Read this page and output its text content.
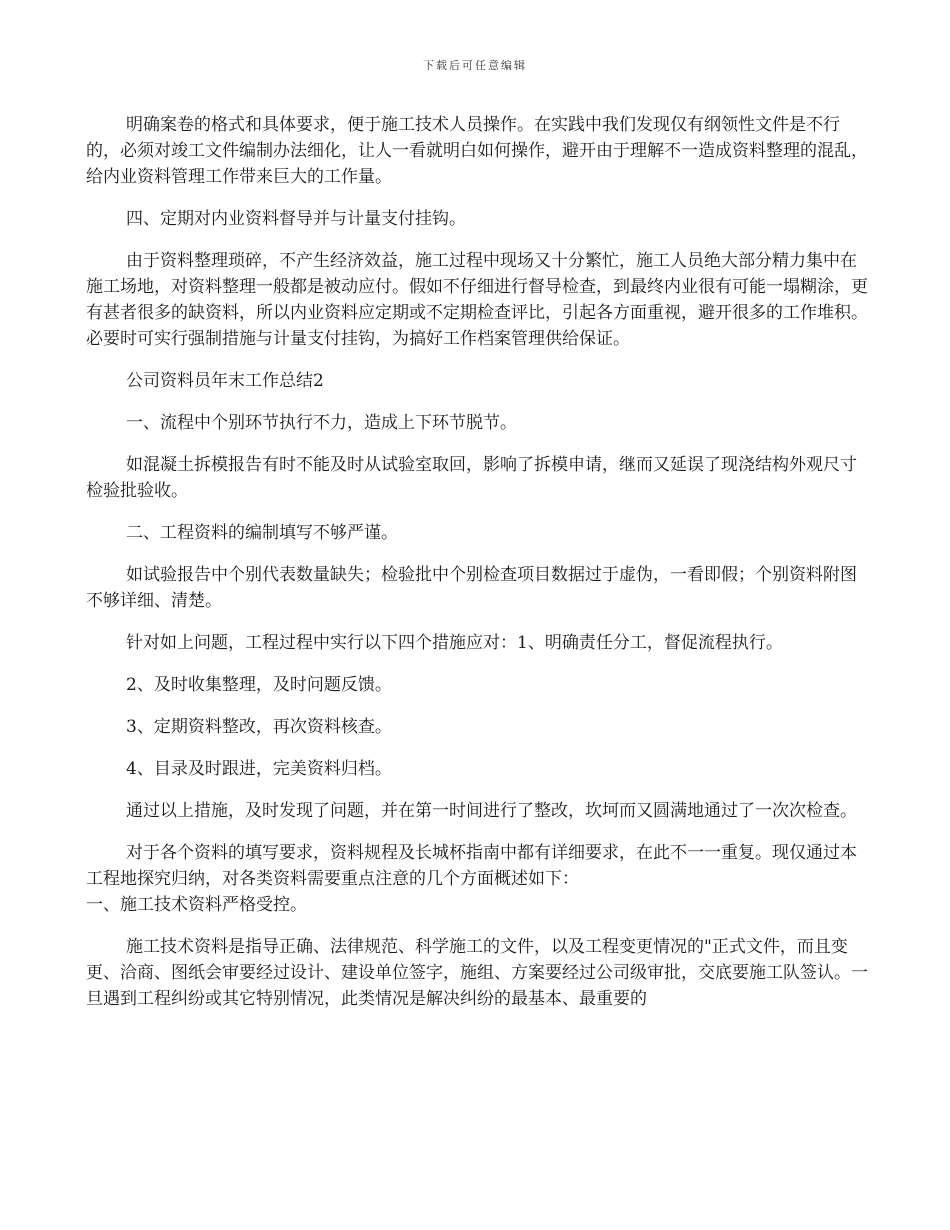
下载后可任意编辑

明确案卷的格式和具体要求，便于施工技术人员操作。在实践中我们发现仅有纲领性文件是不行的，必须对竣工文件编制办法细化，让人一看就明白如何操作，避开由于理解不一造成资料整理的混乱，给内业资料管理工作带来巨大的工作量。

四、定期对内业资料督导并与计量支付挂钩。

由于资料整理琐碎，不产生经济效益，施工过程中现场又十分繁忙，施工人员绝大部分精力集中在施工场地，对资料整理一般都是被动应付。假如不仔细进行督导检查，到最终内业很有可能一塌糊涂，更有甚者很多的缺资料，所以内业资料应定期或不定期检查评比，引起各方面重视，避开很多的工作堆积。必要时可实行强制措施与计量支付挂钩，为搞好工作档案管理供给保证。

公司资料员年末工作总结2

一、流程中个别环节执行不力，造成上下环节脱节。

如混凝土拆模报告有时不能及时从试验室取回，影响了拆模申请，继而又延误了现浇结构外观尺寸检验批验收。

二、工程资料的编制填写不够严谨。

如试验报告中个别代表数量缺失；检验批中个别检查项目数据过于虚伪，一看即假；个别资料附图不够详细、清楚。

针对如上问题，工程过程中实行以下四个措施应对：1、明确责任分工，督促流程执行。

2、及时收集整理，及时问题反馈。

3、定期资料整改，再次资料核查。

4、目录及时跟进，完美资料归档。

通过以上措施，及时发现了问题，并在第一时间进行了整改，坎坷而又圆满地通过了一次次检查。

对于各个资料的填写要求，资料规程及长城杯指南中都有详细要求，在此不一一重复。现仅通过本工程地探究归纳，对各类资料需要重点注意的几个方面概述如下：

一、施工技术资料严格受控。

施工技术资料是指导正确、法律规范、科学施工的文件，以及工程变更情况的"正式文件，而且变更、洽商、图纸会审要经过设计、建设单位签字，施组、方案要经过公司级审批，交底要施工队签认。一旦遇到工程纠纷或其它特别情况，此类情况是解决纠纷的最基本、最重要的
